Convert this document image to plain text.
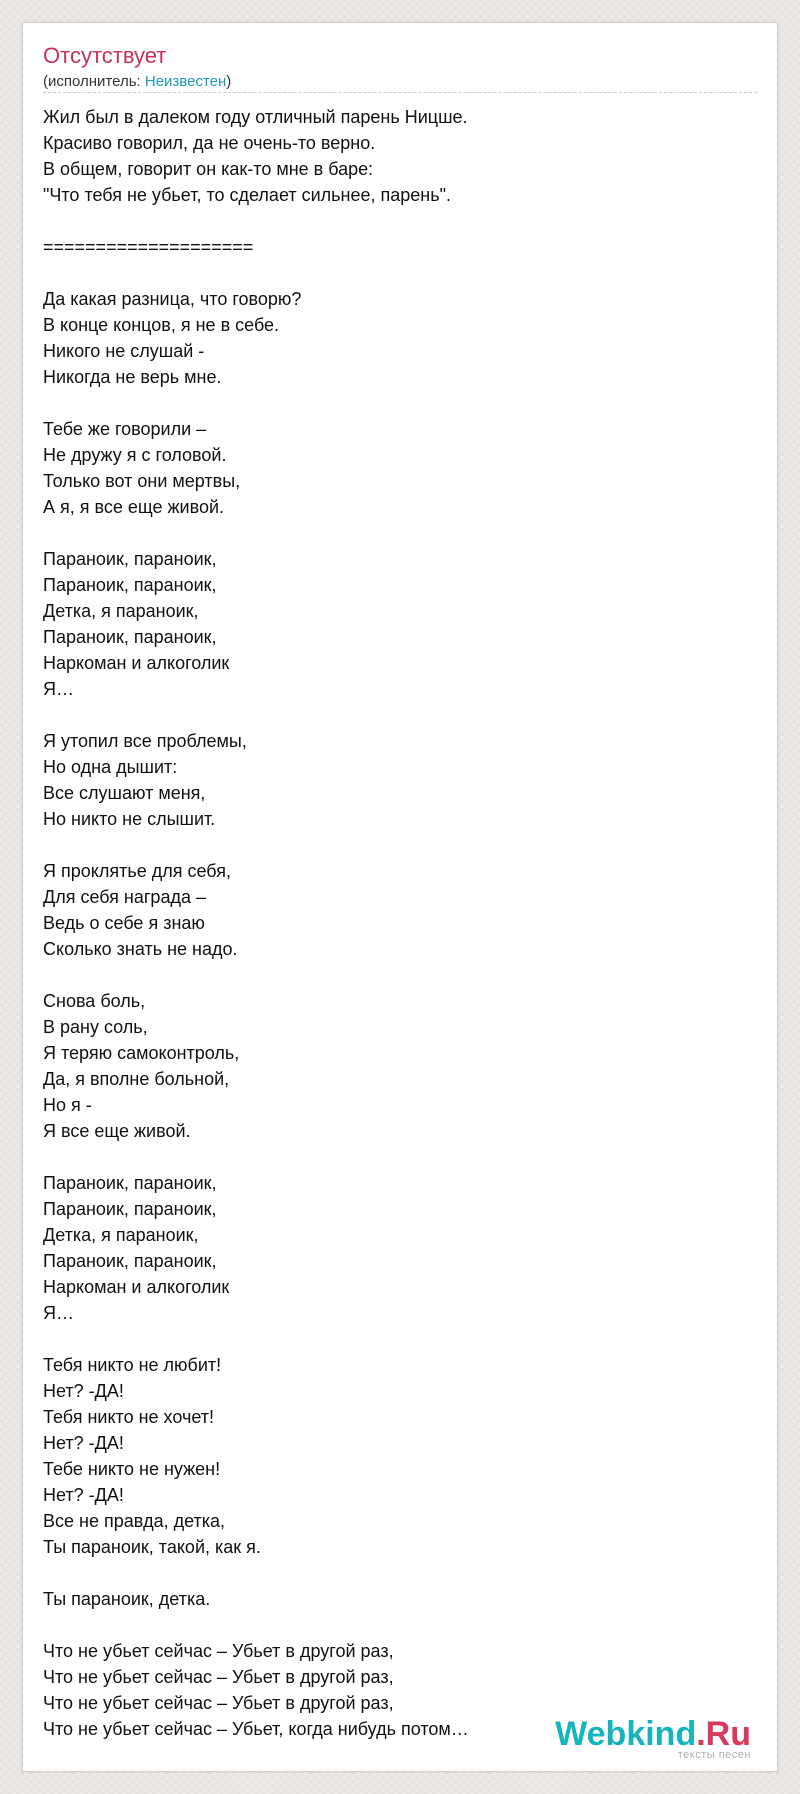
Отсутствует
(исполнитель: Неизвестен)
Жил был в далеком году отличный парень Ницше.
Красиво говорил, да не очень-то верно.
В общем, говорит он как-то мне в баре:
"Что тебя не убьет, то сделает сильнее, парень".
====================
Да какая разница, что говорю?
В конце концов, я не в себе.
Никого не слушай -
Никогда не верь мне.
Тебе же говорили –
Не дружу я с головой.
Только вот они мертвы,
А я, я все еще живой.
Параноик, параноик,
Параноик, параноик,
Детка, я параноик,
Параноик, параноик,
Наркоман и алкоголик
Я…
Я утопил все проблемы,
Но одна дышит:
Все слушают меня,
Но никто не слышит.
Я проклятье для себя,
Для себя награда –
Ведь о себе я знаю
Сколько знать не надо.
Снова боль,
В рану соль,
Я теряю самоконтроль,
Да, я вполне больной,
Но я -
Я все еще живой.
Параноик, параноик,
Параноик, параноик,
Детка, я параноик,
Параноик, параноик,
Наркоман и алкоголик
Я…
Тебя никто не любит!
Нет? -ДА!
Тебя никто не хочет!
Нет? -ДА!
Тебе никто не нужен!
Нет? -ДА!
Все не правда, детка,
Ты параноик, такой, как я.
Ты параноик, детка.
Что не убьет сейчас – Убьет в другой раз,
Что не убьет сейчас – Убьет в другой раз,
Что не убьет сейчас – Убьет в другой раз,
Что не убьет сейчас – Убьет, когда нибудь потом…	Webkind.Ru
тексты песен
